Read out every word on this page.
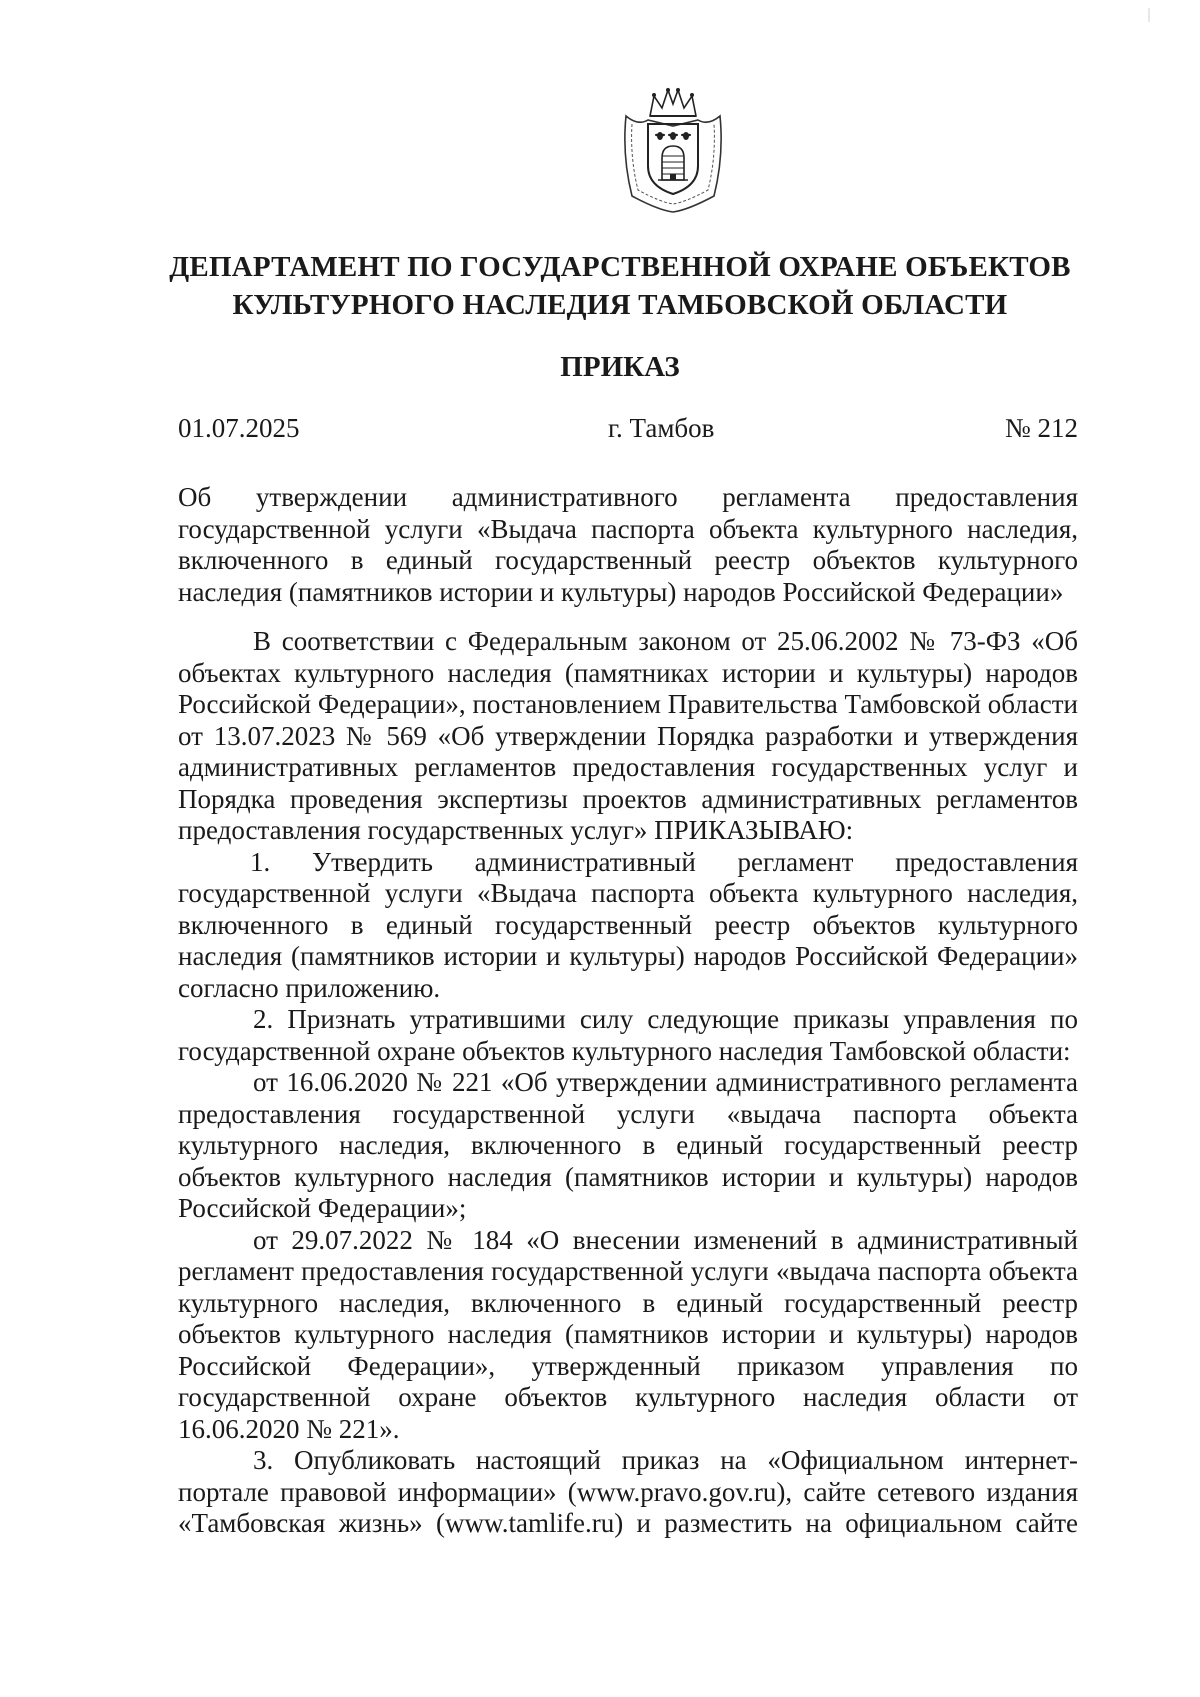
ДЕПАРТАМЕНТ ПО ГОСУДАРСТВЕННОЙ ОХРАНЕ ОБЪЕКТОВ
КУЛЬТУРНОГО НАСЛЕДИЯ ТАМБОВСКОЙ ОБЛАСТИ
ПРИКАЗ
01.07.2025	г. Тамбов	№ 212
Об утверждении административного регламента предоставления государственной услуги «Выдача паспорта объекта культурного наследия, включенного в единый государственный реестр объектов культурного наследия (памятников истории и культуры) народов Российской Федерации»

В соответствии с Федеральным законом от 25.06.2002 № 73-ФЗ «Об объектах культурного наследия (памятниках истории и культуры) народов Российской Федерации», постановлением Правительства Тамбовской области от 13.07.2023 № 569 «Об утверждении Порядка разработки и утверждения административных регламентов предоставления государственных услуг и Порядка проведения экспертизы проектов административных регламентов предоставления государственных услуг» ПРИКАЗЫВАЮ:

1. Утвердить административный регламент предоставления государственной услуги «Выдача паспорта объекта культурного наследия, включенного в единый государственный реестр объектов культурного наследия (памятников истории и культуры) народов Российской Федерации» согласно приложению.

2. Признать утратившими силу следующие приказы управления по государственной охране объектов культурного наследия Тамбовской области:

от 16.06.2020 № 221 «Об утверждении административного регламента предоставления государственной услуги «выдача паспорта объекта культурного наследия, включенного в единый государственный реестр объектов культурного наследия (памятников истории и культуры) народов Российской Федерации»;

от 29.07.2022 № 184 «О внесении изменений в административный регламент предоставления государственной услуги «выдача паспорта объекта культурного наследия, включенного в единый государственный реестр объектов культурного наследия (памятников истории и культуры) народов Российской Федерации», утвержденный приказом управления по государственной охране объектов культурного наследия области от 16.06.2020 № 221».

3. Опубликовать настоящий приказ на «Официальном интернет-портале правовой информации» (www.pravo.gov.ru), сайте сетевого издания «Тамбовская жизнь» (www.tamlife.ru) и разместить на официальном сайте
